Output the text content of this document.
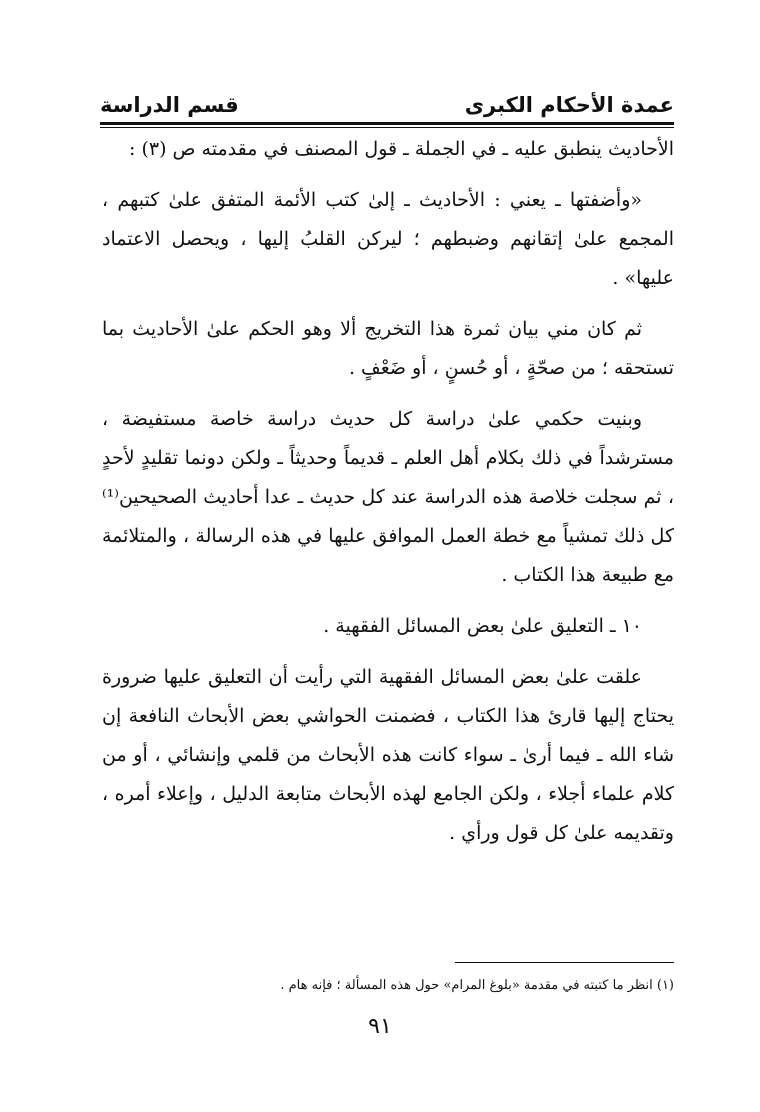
عمدة الأحكام الكبرى
قسم الدراسة

الأحاديث ينطبق عليه ـ في الجملة ـ قول المصنف في مقدمته ص (٣) :

«وأضفتها ـ يعني : الأحاديث ـ إلىٰ كتب الأئمة المتفق علىٰ كتبهم ، المجمع علىٰ إتقانهم وضبطهم ؛ ليركن القلبُ إليها ، ويحصل الاعتماد عليها» .

ثم كان مني بيان ثمرة هذا التخريج ألا وهو الحكم علىٰ الأحاديث بما تستحقه ؛ من صحّةٍ ، أو حُسنٍ ، أو ضَعْفٍ .

وبنيت حكمي علىٰ دراسة كل حديث دراسة خاصة مستفيضة ، مسترشداً في ذلك بكلام أهل العلم ـ قديماً وحديثاً ـ ولكن دونما تقليدٍ لأحدٍ ، ثم سجلت خلاصة هذه الدراسة عند كل حديث ـ عدا أحاديث الصحيحين⁽¹⁾ كل ذلك تمشياً مع خطة العمل الموافق عليها في هذه الرسالة ، والمتلائمة مع طبيعة هذا الكتاب .

١٠ ـ التعليق علىٰ بعض المسائل الفقهية .

علقت علىٰ بعض المسائل الفقهية التي رأيت أن التعليق عليها ضرورة يحتاج إليها قارئ هذا الكتاب ، فضمنت الحواشي بعض الأبحاث النافعة إن شاء الله ـ فيما أرىٰ ـ سواء كانت هذه الأبحاث من قلمي وإنشائي ، أو من كلام علماء أجلاء ، ولكن الجامع لهذه الأبحاث متابعة الدليل ، وإعلاء أمره ، وتقديمه علىٰ كل قول ورأي .

(١) انظر ما كتبته في مقدمة «بلوغ المرام» حول هذه المسألة ؛ فإنه هام .
٩١
